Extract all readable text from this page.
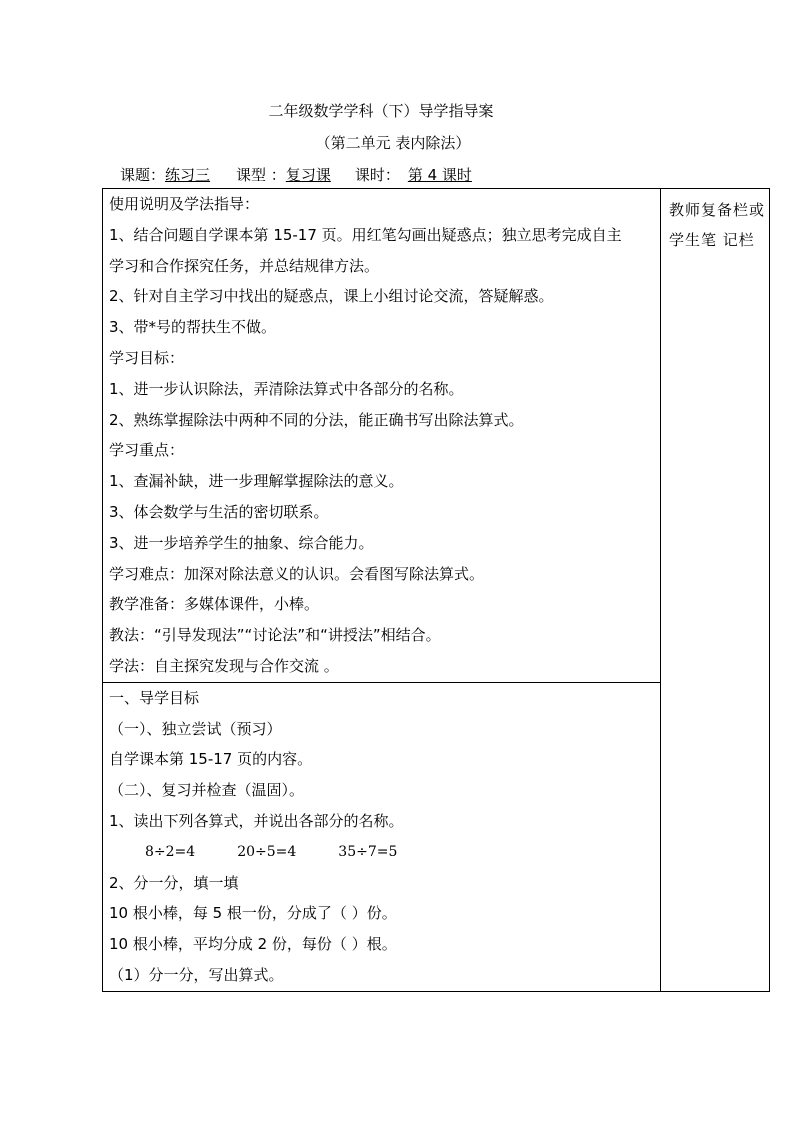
二年级数学学科（下）导学指导案
（第二单元 表内除法）
课题：练习三 课型 ：复习课 课时： 第 4 课时
使用说明及学法指导：
1、结合问题自学课本第 15-17 页。用红笔勾画出疑惑点；独立思考完成自主
学习和合作探究任务，并总结规律方法。
2、针对自主学习中找出的疑惑点，课上小组讨论交流，答疑解惑。
3、带*号的帮扶生不做。
学习目标：
1、进一步认识除法，弄清除法算式中各部分的名称。
2、熟练掌握除法中两种不同的分法，能正确书写出除法算式。
学习重点：
1、查漏补缺，进一步理解掌握除法的意义。
3、体会数学与生活的密切联系。
3、进一步培养学生的抽象、综合能力。
学习难点：加深对除法意义的认识。会看图写除法算式。
教学准备：多媒体课件，小棒。
教法：“引导发现法”“讨论法”和“讲授法”相结合。
学法：自主探究发现与合作交流 。

教师复备栏或学生笔 记栏

一、导学目标
（一）、独立尝试（预习）
自学课本第 15-17 页的内容。
（二）、复习并检查（温固）。
1、读出下列各算式，并说出各部分的名称。
8÷2=4	20÷5=4	35÷7=5
2、分一分，填一填
10 根小棒，每 5 根一份，分成了（ ）份。
10 根小棒，平均分成 2 份，每份（ ）根。
（1）分一分，写出算式。
